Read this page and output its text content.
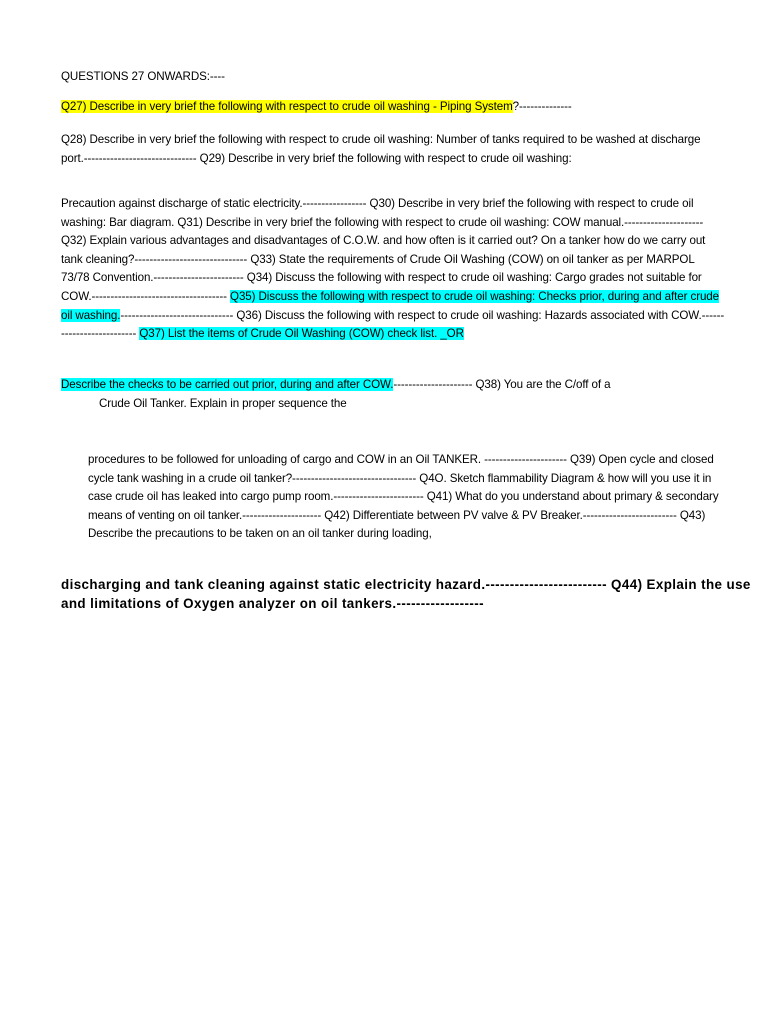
QUESTIONS 27 ONWARDS:----

Q27) Describe in very brief the following with respect to crude oil washing - Piping System?--------------

Q28) Describe in very brief the following with respect to crude oil washing: Number of tanks required to be washed at discharge port.------------------------------ Q29) Describe in very brief the following with respect to crude oil washing:

Precaution against discharge of static electricity.----------------- Q30) Describe in very brief the following with respect to crude oil washing: Bar diagram. Q31) Describe in very brief the following with respect to crude oil washing: COW manual.--------------------- Q32) Explain various advantages and disadvantages of C.O.W. and how often is it carried out? On a tanker how do we carry out tank cleaning?------------------------------ Q33) State the requirements of Crude Oil Washing (COW) on oil tanker as per MARPOL 73/78 Convention.------------------------ Q34) Discuss the following with respect to crude oil washing: Cargo grades not suitable for COW.------------------------------------ Q35) Discuss the following with respect to crude oil washing: Checks prior, during and after crude oil washing.------------------------------ Q36) Discuss the following with respect to crude oil washing: Hazards associated with COW.-------------------------- Q37) List the items of Crude Oil Washing (COW) check list. _OR

Describe the checks to be carried out prior, during and after COW.--------------------- Q38) You are the C/off of a
Crude Oil Tanker. Explain in proper sequence the

procedures to be followed for unloading of cargo and COW in an Oil TANKER. ---------------------- Q39) Open cycle and closed cycle tank washing in a crude oil tanker?--------------------------------- Q4O. Sketch flammability Diagram & how will you use it in case crude oil has leaked into cargo pump room.------------------------ Q41) What do you understand about primary & secondary means of venting on oil tanker.--------------------- Q42) Differentiate between PV valve & PV Breaker.------------------------- Q43) Describe the precautions to be taken on an oil tanker during loading,

discharging and tank cleaning against static electricity hazard.------------------------- Q44) Explain the use and limitations of Oxygen analyzer on oil tankers.------------------
